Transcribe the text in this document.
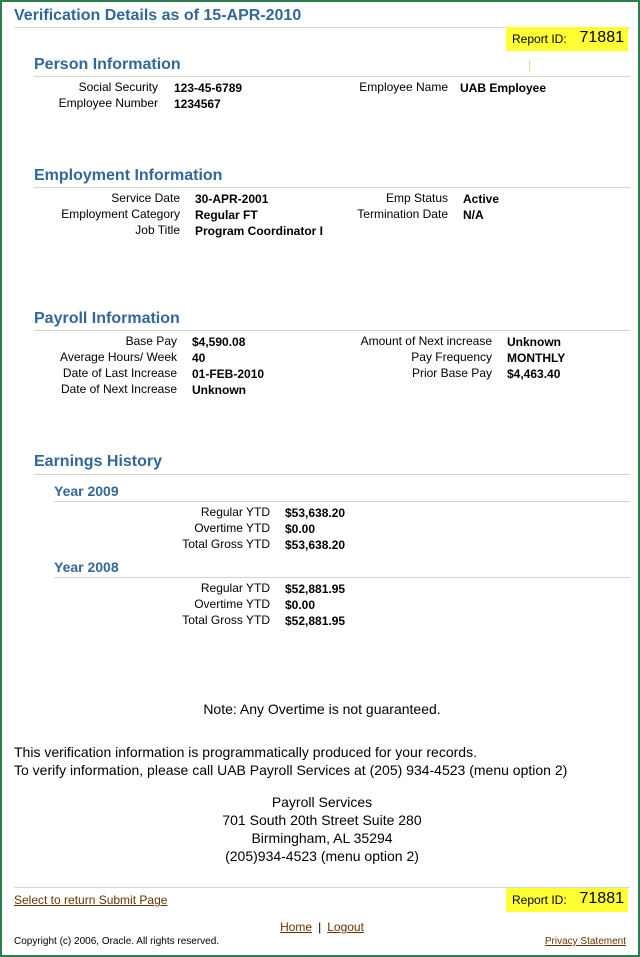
Verification Details as of 15-APR-2010
Report ID: 71881
Person Information
Social Security 123-45-6789
Employee Number 1234567
Employee Name UAB Employee
Employment Information
Service Date 30-APR-2001
Employment Category Regular FT
Job Title Program Coordinator I
Emp Status Active
Termination Date N/A
Payroll Information
Base Pay $4,590.08
Average Hours/ Week 40
Date of Last Increase 01-FEB-2010
Date of Next Increase Unknown
Amount of Next increase Unknown
Pay Frequency MONTHLY
Prior Base Pay $4,463.40
Earnings History
Year 2009
Regular YTD $53,638.20
Overtime YTD $0.00
Total Gross YTD $53,638.20
Year 2008
Regular YTD $52,881.95
Overtime YTD $0.00
Total Gross YTD $52,881.95
Note: Any Overtime is not guaranteed.
This verification information is programmatically produced for your records.
To verify information, please call UAB Payroll Services at (205) 934-4523 (menu option 2)
Payroll Services
701 South 20th Street Suite 280
Birmingham, AL 35294
(205)934-4523 (menu option 2)
Select to return Submit Page	Report ID: 71881
Home | Logout
Copyright (c) 2006, Oracle. All rights reserved.	Privacy Statement
